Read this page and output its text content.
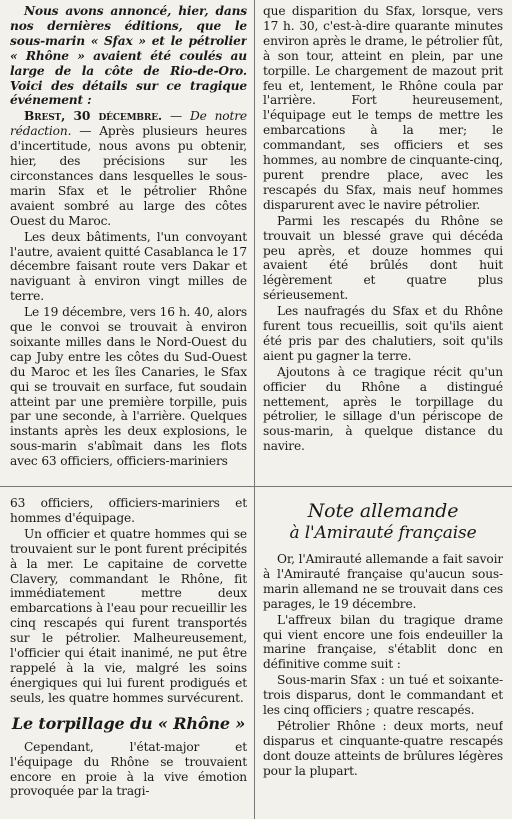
Nous avons annoncé, hier, dans nos dernières éditions, que le sous-marin « Sfax » et le pétrolier « Rhône » avaient été coulés au large de la côte de Rio-de-Oro. Voici des détails sur ce tragique événement :

Brest, 30 décembre. — De notre rédaction. — Après plusieurs heures d'incertitude, nous avons pu obtenir, hier, des précisions sur les circonstances dans lesquelles le sous-marin Sfax et le pétrolier Rhône avaient sombré au large des côtes Ouest du Maroc.

Les deux bâtiments, l'un convoyant l'autre, avaient quitté Casablanca le 17 décembre faisant route vers Dakar et naviguant à environ vingt milles de terre.

Le 19 décembre, vers 16 h. 40, alors que le convoi se trouvait à environ soixante milles dans le Nord-Ouest du cap Juby entre les côtes du Sud-Ouest du Maroc et les îles Canaries, le Sfax qui se trouvait en surface, fut soudain atteint par une première torpille, puis par une seconde, à l'arrière. Quelques instants après les deux explosions, le sous-marin s'abîmait dans les flots avec 63 officiers, officiers-mariniers

que disparition du Sfax, lorsque, vers 17 h. 30, c'est-à-dire quarante minutes environ après le drame, le pétrolier fût, à son tour, atteint en plein, par une torpille. Le chargement de mazout prit feu et, lentement, le Rhône coula par l'arrière. Fort heureusement, l'équipage eut le temps de mettre les embarcations à la mer; le commandant, ses officiers et ses hommes, au nombre de cinquante-cinq, purent prendre place, avec les rescapés du Sfax, mais neuf hommes disparurent avec le navire pétrolier.

Parmi les rescapés du Rhône se trouvait un blessé grave qui décéda peu après, et douze hommes qui avaient été brûlés dont huit légèrement et quatre plus sérieusement.

Les naufragés du Sfax et du Rhône furent tous recueillis, soit qu'ils aient été pris par des chalutiers, soit qu'ils aient pu gagner la terre.

Ajoutons à ce tragique récit qu'un officier du Rhône a distingué nettement, après le torpillage du pétrolier, le sillage d'un périscope de sous-marin, à quelque distance du navire.

63 officiers, officiers-mariniers et hommes d'équipage.

Un officier et quatre hommes qui se trouvaient sur le pont furent précipités à la mer. Le capitaine de corvette Clavery, commandant le Rhône, fit immédiatement mettre deux embarcations à l'eau pour recueillir les cinq rescapés qui furent transportés sur le pétrolier. Malheureusement, l'officier qui était inanimé, ne put être rappelé à la vie, malgré les soins énergiques qui lui furent prodigués et seuls, les quatre hommes survécurent.

Le torpillage du « Rhône »

Cependant, l'état-major et l'équipage du Rhône se trouvaient encore en proie à la vive émotion provoquée par la tragi-

Note allemande
à l'Amirauté française

Or, l'Amirauté allemande a fait savoir à l'Amirauté française qu'aucun sous-marin allemand ne se trouvait dans ces parages, le 19 décembre.

L'affreux bilan du tragique drame qui vient encore une fois endeuiller la marine française, s'établit donc en définitive comme suit :

Sous-marin Sfax : un tué et soixante-trois disparus, dont le commandant et les cinq officiers ; quatre rescapés.

Pétrolier Rhône : deux morts, neuf disparus et cinquante-quatre rescapés dont douze atteints de brûlures légères pour la plupart.
